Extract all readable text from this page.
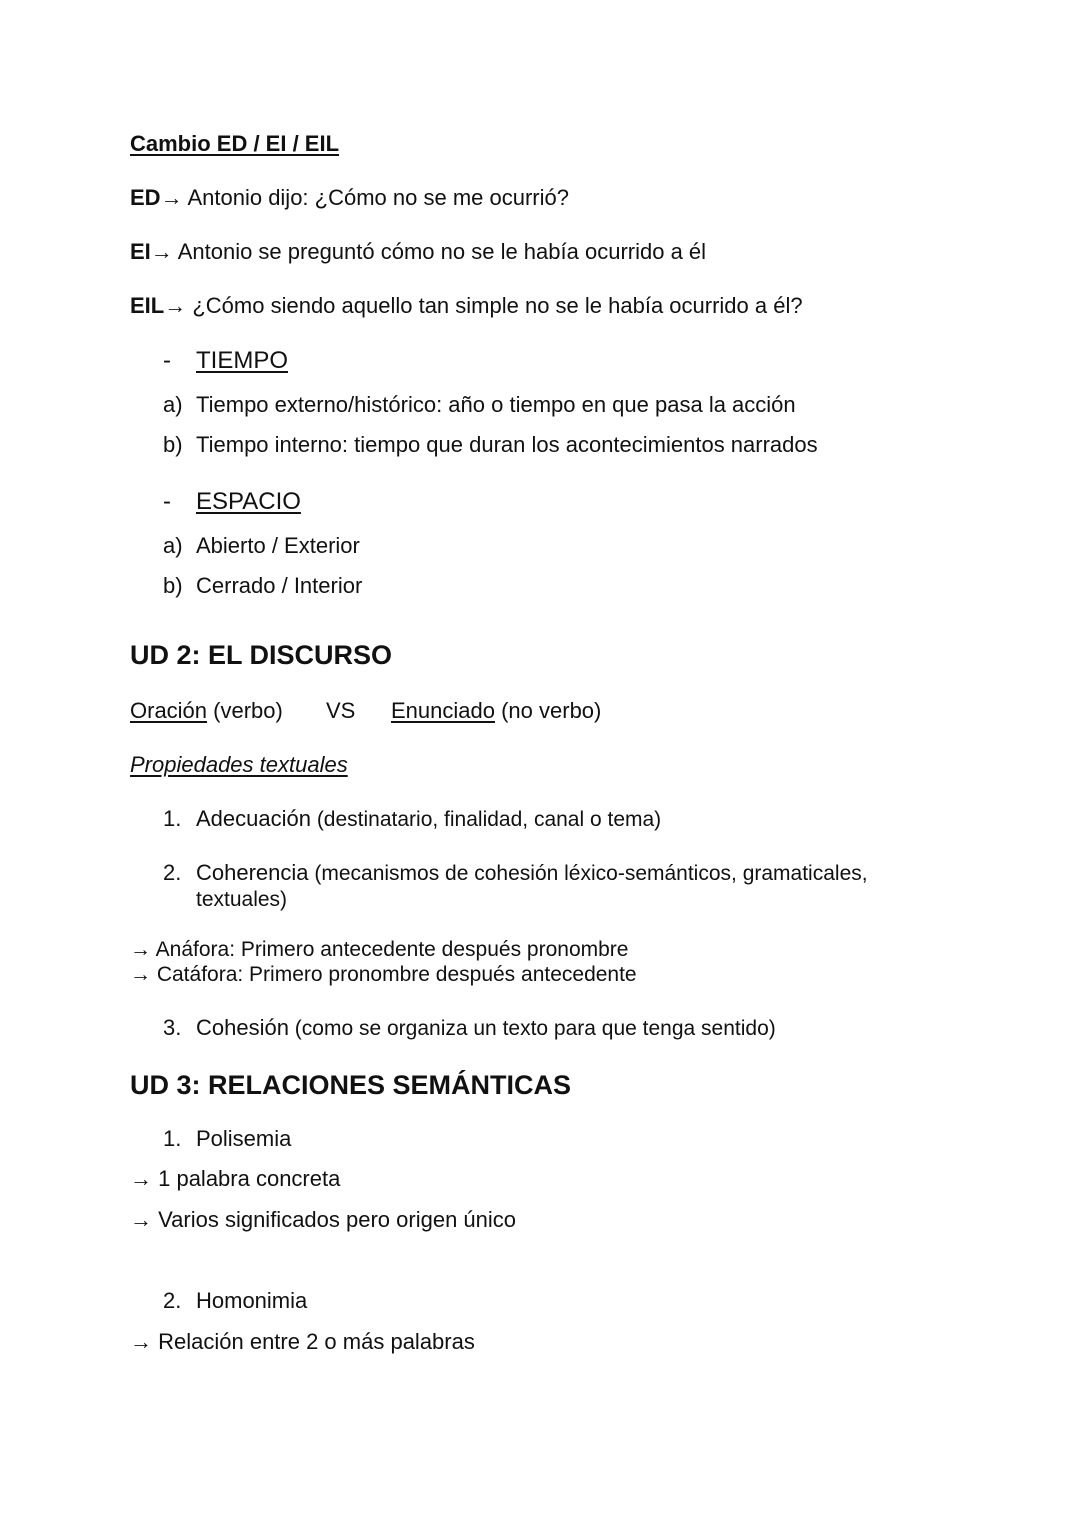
Cambio ED / EI / EIL
ED→ Antonio dijo: ¿Cómo no se me ocurrió?
EI→ Antonio se preguntó cómo no se le había ocurrido a él
EIL→ ¿Cómo siendo aquello tan simple no se le había ocurrido a él?
- TIEMPO
a) Tiempo externo/histórico: año o tiempo en que pasa la acción
b) Tiempo interno: tiempo que duran los acontecimientos narrados
- ESPACIO
a) Abierto / Exterior
b) Cerrado / Interior
UD 2: EL DISCURSO
Oración (verbo) VS Enunciado (no verbo)
Propiedades textuales
1. Adecuación (destinatario, finalidad, canal o tema)
2. Coherencia (mecanismos de cohesión léxico-semánticos, gramaticales,
textuales)
→ Anáfora: Primero antecedente después pronombre
→ Catáfora: Primero pronombre después antecedente
3. Cohesión (como se organiza un texto para que tenga sentido)
UD 3: RELACIONES SEMÁNTICAS
1. Polisemia
→ 1 palabra concreta
→ Varios significados pero origen único
2. Homonimia
→ Relación entre 2 o más palabras
